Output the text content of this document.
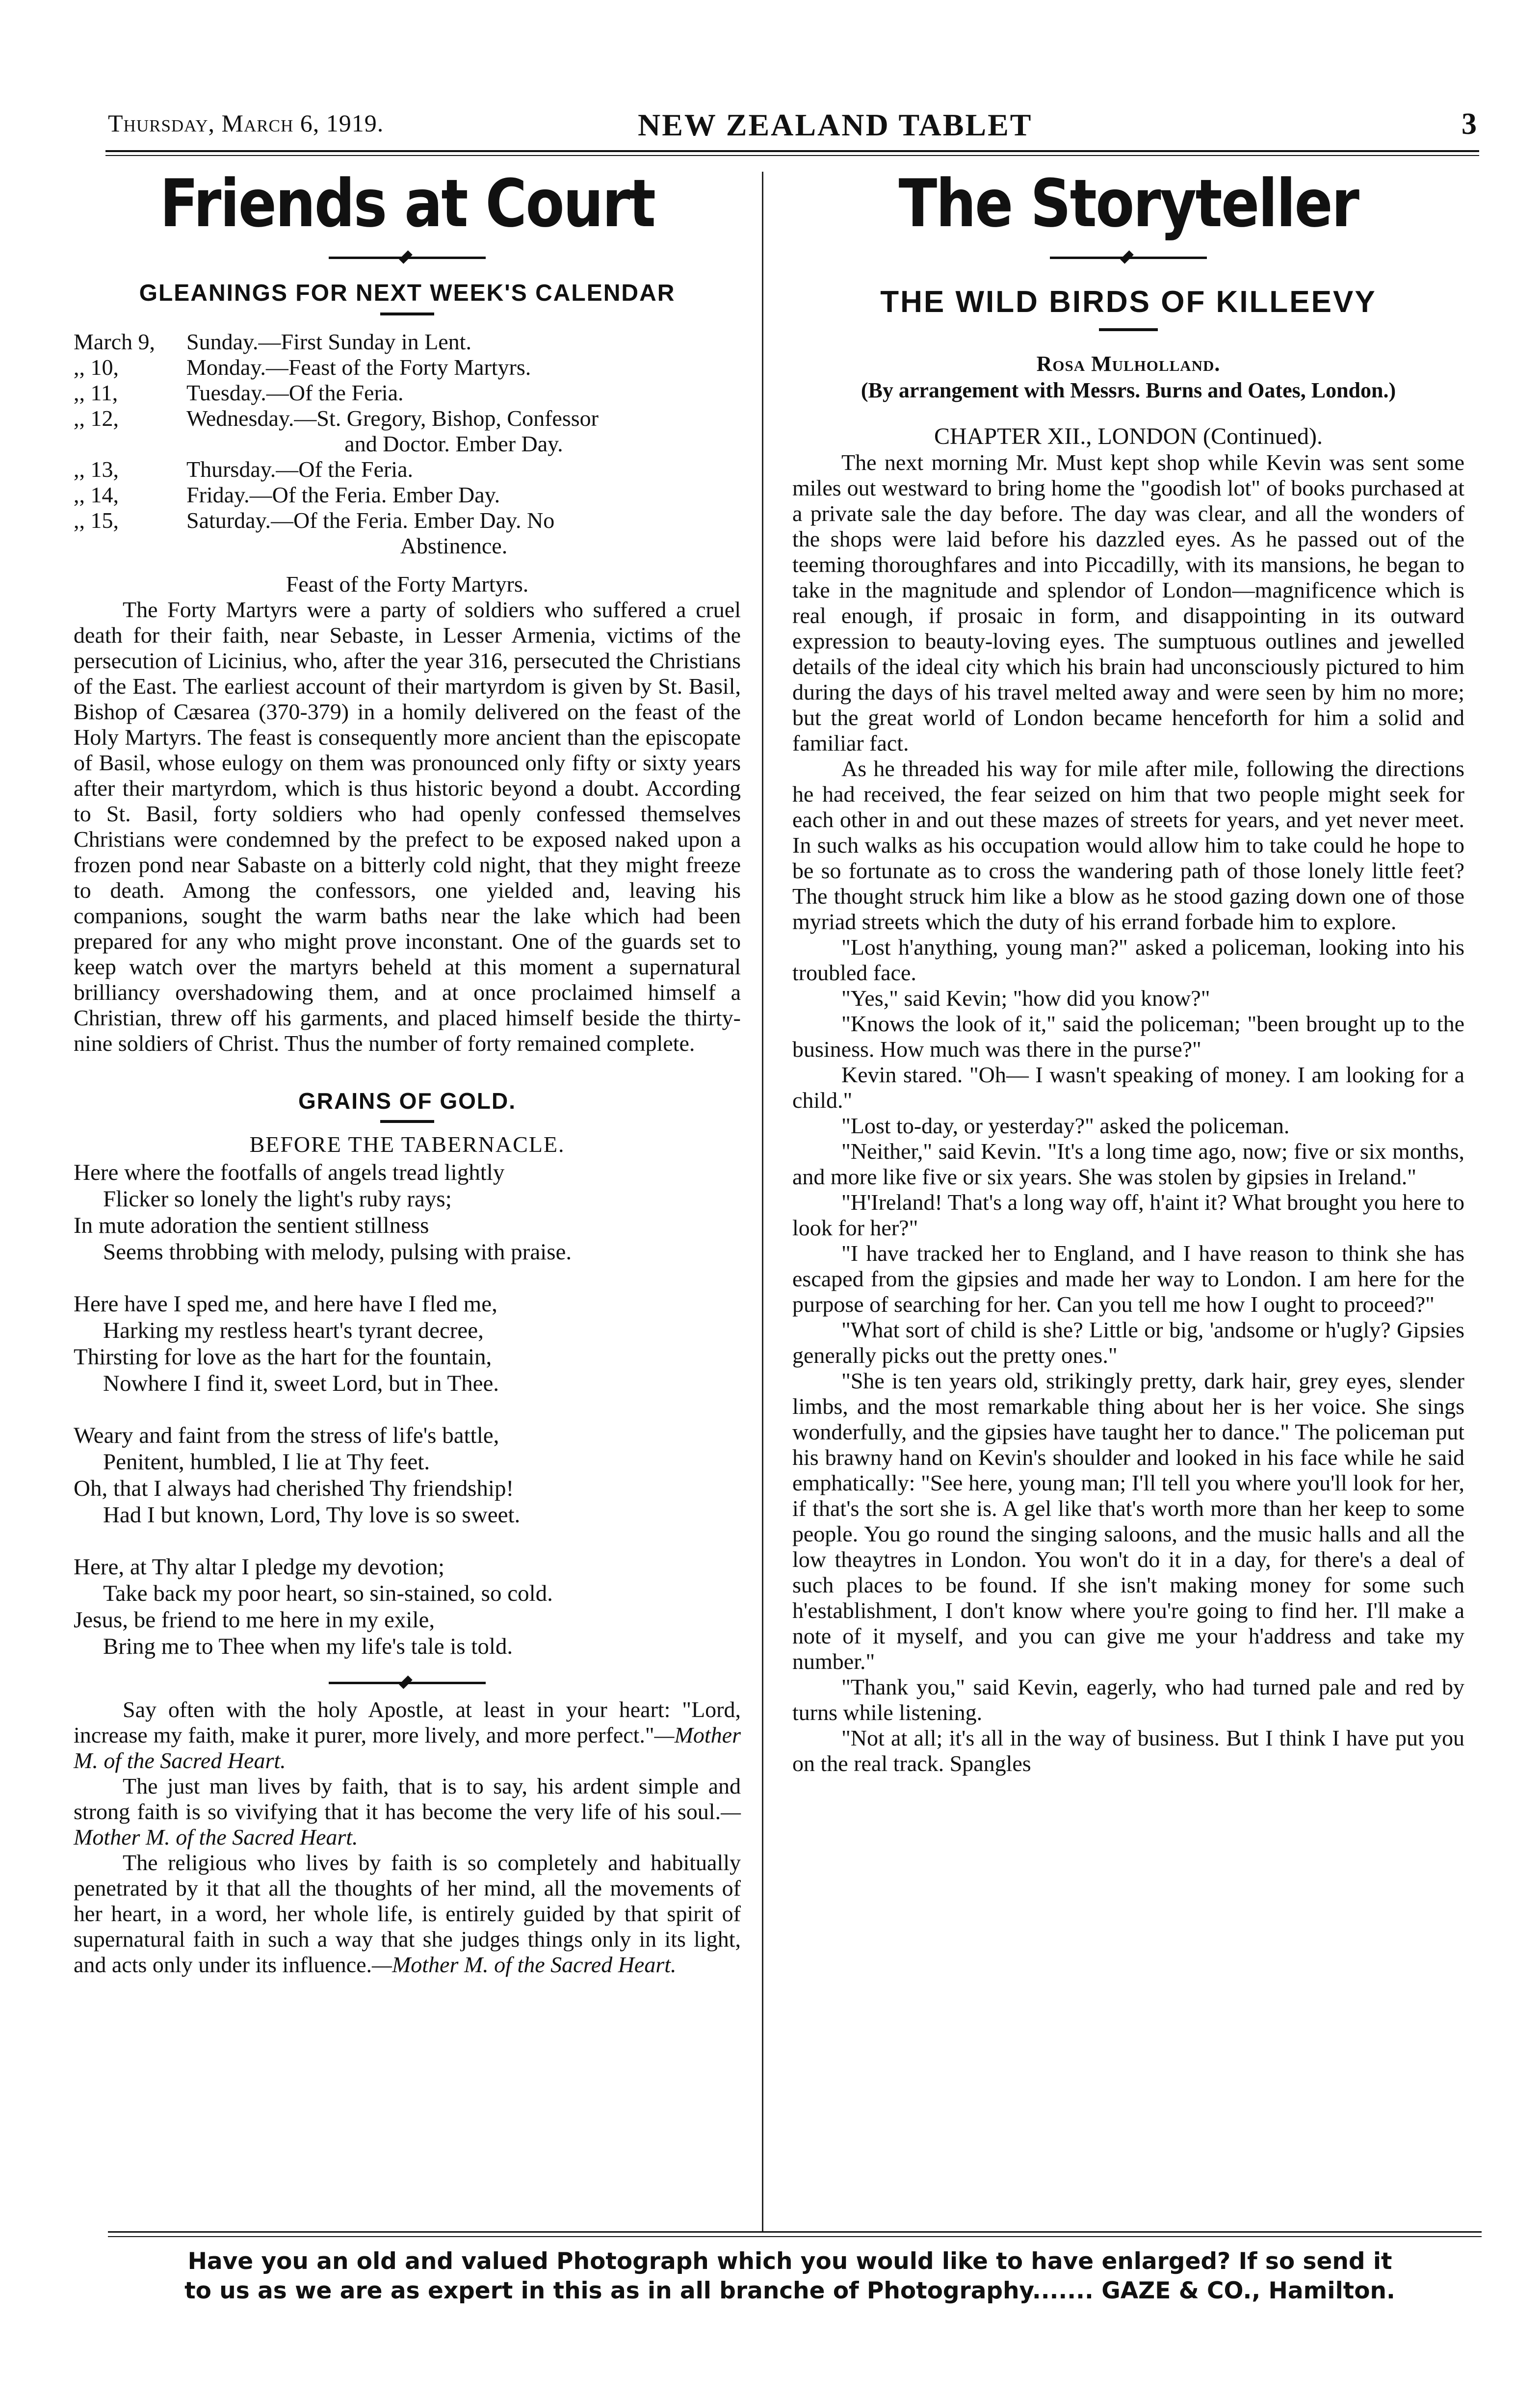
Thursday, March 6, 1919.	NEW ZEALAND TABLET	3
Friends at Court
GLEANINGS FOR NEXT WEEK'S CALENDAR
March 9,	Sunday.—First Sunday in Lent.
,, 10,	Monday.—Feast of the Forty Martyrs.
,, 11,	Tuesday.—Of the Feria.
,, 12,	Wednesday.—St. Gregory, Bishop, Confessor
and Doctor. Ember Day.
,, 13,	Thursday.—Of the Feria.
,, 14,	Friday.—Of the Feria. Ember Day.
,, 15,	Saturday.—Of the Feria. Ember Day. No
Abstinence.
Feast of the Forty Martyrs.

The Forty Martyrs were a party of soldiers who suffered a cruel death for their faith, near Sebaste, in Lesser Armenia, victims of the persecution of Licinius, who, after the year 316, persecuted the Christians of the East. The earliest account of their martyrdom is given by St. Basil, Bishop of Cæsarea (370-379) in a homily delivered on the feast of the Holy Martyrs. The feast is consequently more ancient than the episcopate of Basil, whose eulogy on them was pronounced only fifty or sixty years after their martyrdom, which is thus historic beyond a doubt. According to St. Basil, forty soldiers who had openly confessed themselves Christians were condemned by the prefect to be exposed naked upon a frozen pond near Sabaste on a bitterly cold night, that they might freeze to death. Among the confessors, one yielded and, leaving his companions, sought the warm baths near the lake which had been prepared for any who might prove inconstant. One of the guards set to keep watch over the martyrs beheld at this moment a supernatural brilliancy overshadowing them, and at once proclaimed himself a Christian, threw off his garments, and placed himself beside the thirty-nine soldiers of Christ. Thus the number of forty remained complete.

GRAINS OF GOLD.
BEFORE THE TABERNACLE.
Here where the footfalls of angels tread lightly
Flicker so lonely the light's ruby rays;
In mute adoration the sentient stillness
Seems throbbing with melody, pulsing with praise.
Here have I sped me, and here have I fled me,
Harking my restless heart's tyrant decree,
Thirsting for love as the hart for the fountain,
Nowhere I find it, sweet Lord, but in Thee.
Weary and faint from the stress of life's battle,
Penitent, humbled, I lie at Thy feet.
Oh, that I always had cherished Thy friendship!
Had I but known, Lord, Thy love is so sweet.
Here, at Thy altar I pledge my devotion;
Take back my poor heart, so sin-stained, so cold.
Jesus, be friend to me here in my exile,
Bring me to Thee when my life's tale is told.

Say often with the holy Apostle, at least in your heart: "Lord, increase my faith, make it purer, more lively, and more perfect."—Mother M. of the Sacred Heart.

The just man lives by faith, that is to say, his ardent simple and strong faith is so vivifying that it has become the very life of his soul.—Mother M. of the Sacred Heart.

The religious who lives by faith is so completely and habitually penetrated by it that all the thoughts of her mind, all the movements of her heart, in a word, her whole life, is entirely guided by that spirit of supernatural faith in such a way that she judges things only in its light, and acts only under its influence.—Mother M. of the Sacred Heart.

The Storyteller
THE WILD BIRDS OF KILLEEVY
Rosa Mulholland.
(By arrangement with Messrs. Burns and Oates, London.)
CHAPTER XII., LONDON (Continued).

The next morning Mr. Must kept shop while Kevin was sent some miles out westward to bring home the "goodish lot" of books purchased at a private sale the day before. The day was clear, and all the wonders of the shops were laid before his dazzled eyes. As he passed out of the teeming thoroughfares and into Piccadilly, with its mansions, he began to take in the magnitude and splendor of London—magnificence which is real enough, if prosaic in form, and disappointing in its outward expression to beauty-loving eyes. The sumptuous outlines and jewelled details of the ideal city which his brain had unconsciously pictured to him during the days of his travel melted away and were seen by him no more; but the great world of London became henceforth for him a solid and familiar fact.

As he threaded his way for mile after mile, following the directions he had received, the fear seized on him that two people might seek for each other in and out these mazes of streets for years, and yet never meet. In such walks as his occupation would allow him to take could he hope to be so fortunate as to cross the wandering path of those lonely little feet? The thought struck him like a blow as he stood gazing down one of those myriad streets which the duty of his errand forbade him to explore.

"Lost h'anything, young man?" asked a policeman, looking into his troubled face.

"Yes," said Kevin; "how did you know?"

"Knows the look of it," said the policeman; "been brought up to the business. How much was there in the purse?"

Kevin stared. "Oh— I wasn't speaking of money. I am looking for a child."

"Lost to-day, or yesterday?" asked the policeman.

"Neither," said Kevin. "It's a long time ago, now; five or six months, and more like five or six years. She was stolen by gipsies in Ireland."

"H'Ireland! That's a long way off, h'aint it? What brought you here to look for her?"

"I have tracked her to England, and I have reason to think she has escaped from the gipsies and made her way to London. I am here for the purpose of searching for her. Can you tell me how I ought to proceed?"

"What sort of child is she? Little or big, 'andsome or h'ugly? Gipsies generally picks out the pretty ones."

"She is ten years old, strikingly pretty, dark hair, grey eyes, slender limbs, and the most remarkable thing about her is her voice. She sings wonderfully, and the gipsies have taught her to dance." The policeman put his brawny hand on Kevin's shoulder and looked in his face while he said emphatically: "See here, young man; I'll tell you where you'll look for her, if that's the sort she is. A gel like that's worth more than her keep to some people. You go round the singing saloons, and the music halls and all the low theaytres in London. You won't do it in a day, for there's a deal of such places to be found. If she isn't making money for some such h'establishment, I don't know where you're going to find her. I'll make a note of it myself, and you can give me your h'address and take my number."

"Thank you," said Kevin, eagerly, who had turned pale and red by turns while listening.

"Not at all; it's all in the way of business. But I think I have put you on the real track. Spangles

Have you an old and valued Photograph which you would like to have enlarged? If so send it
to us as we are as expert in this as in all branche of Photography....... GAZE & CO., Hamilton.
